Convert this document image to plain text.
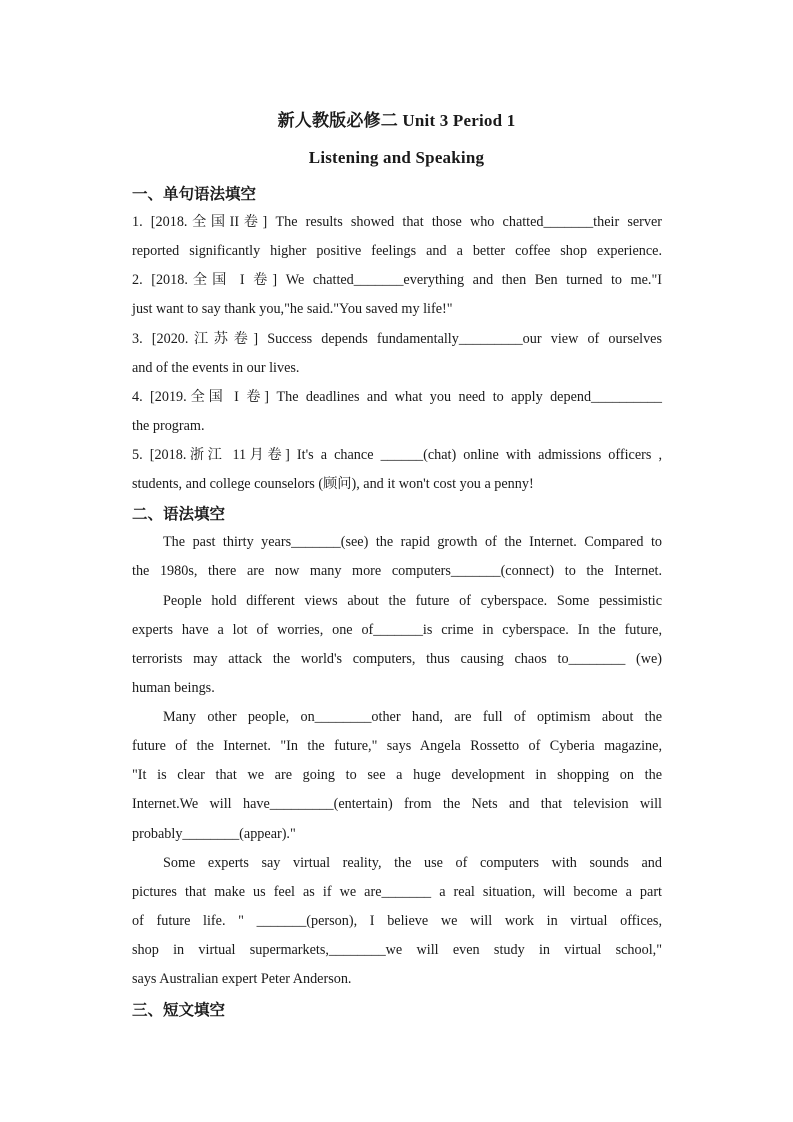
新人教版必修二 Unit 3 Period 1
Listening and Speaking
一、单句语法填空
1. [2018.全国II卷] The results showed that those who chatted_______their server
reported significantly higher positive feelings and a better coffee shop experience.
2. [2018.全国 I 卷] We chatted_______everything and then Ben turned to me."I
just want to say thank you,"he said."You saved my life!"
3. [2020.江苏卷] Success depends fundamentally_________our view of ourselves
and of the events in our lives.
4. [2019.全国 I 卷] The deadlines and what you need to apply depend__________
the program.
5. [2018.浙江 11月卷] It's a chance ______(chat) online with admissions officers ,
students, and college counselors (顾问), and it won't cost you a penny!
二、语法填空
The past thirty years_______(see) the rapid growth of the Internet. Compared to
the 1980s, there are now many more computers_______(connect) to the Internet.
People hold different views about the future of cyberspace. Some pessimistic
experts have a lot of worries, one of_______is crime in cyberspace. In the future,
terrorists may attack the world's computers, thus causing chaos to________ (we)
human beings.
Many other people, on________other hand, are full of optimism about the
future of the Internet. "In the future," says Angela Rossetto of Cyberia magazine,
"It is clear that we are going to see a huge development in shopping on the
Internet.We will have_________(entertain) from the Nets and that television will
probably________(appear)."
Some experts say virtual reality, the use of computers with sounds and
pictures that make us feel as if we are_______ a real situation, will become a part
of future life. " _______(person), I believe we will work in virtual offices,
shop in virtual supermarkets,________we will even study in virtual school,"
says Australian expert Peter Anderson.
三、短文填空
